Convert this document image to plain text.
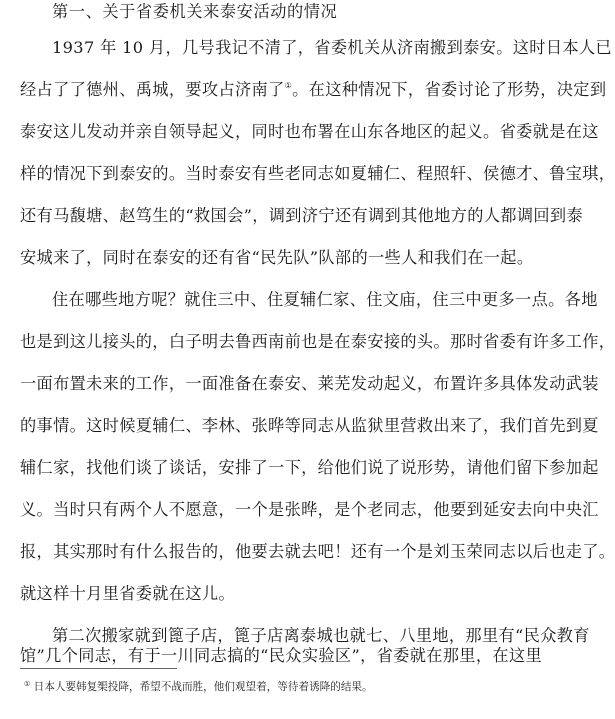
第一、关于省委机关来泰安活动的情况
1937 年 10 月，几号我记不清了，省委机关从济南搬到泰安。这时日本人已
经占了了德州、禹城，要攻占济南了①。在这种情况下，省委讨论了形势，决定到
泰安这儿发动并亲自领导起义，同时也布署在山东各地区的起义。省委就是在这
样的情况下到泰安的。当时泰安有些老同志如夏辅仁、程照轩、侯德才、鲁宝琪，
还有马馥塘、赵笃生的“救国会”，调到济宁还有调到其他地方的人都调回到泰
安城来了，同时在泰安的还有省“民先队”队部的一些人和我们在一起。
住在哪些地方呢？就住三中、住夏辅仁家、住文庙，住三中更多一点。各地
也是到这儿接头的，白子明去鲁西南前也是在泰安接的头。那时省委有许多工作，
一面布置未来的工作，一面准备在泰安、莱芜发动起义，布置许多具体发动武装
的事情。这时候夏辅仁、李林、张晔等同志从监狱里营救出来了，我们首先到夏
辅仁家，找他们谈了谈话，安排了一下，给他们说了说形势，请他们留下参加起
义。当时只有两个人不愿意，一个是张晔，是个老同志，他要到延安去向中央汇
报，其实那时有什么报告的，他要去就去吧！还有一个是刘玉荣同志以后也走了。
就这样十月里省委就在这儿。
第二次搬家就到篦子店，篦子店离泰城也就七、八里地，那里有“民众教育
馆”几个同志，有于一川同志搞的“民众实验区”，省委就在那里，在这里
① 日本人要韩复榘投降，希望不战而胜，他们观望着，等待着诱降的结果。
